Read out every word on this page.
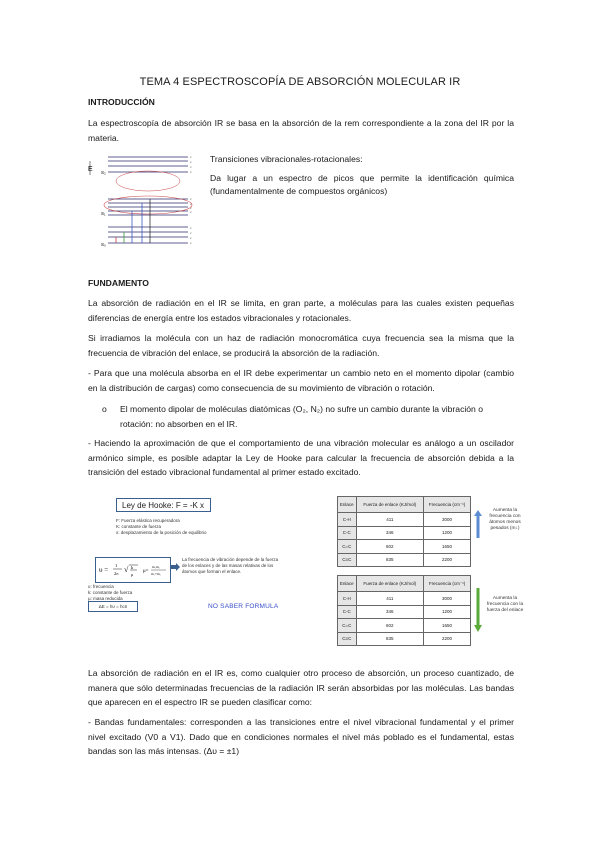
TEMA 4 ESPECTROSCOPÍA DE ABSORCIÓN MOLECULAR IR
INTRODUCCIÓN
La espectroscopía de absorción IR se basa en la absorción de la rem correspondiente a la zona del IR por la materia.
E S₂
S₁
S₀
v
v
v
v
v
v
v
v
v
v
v
v
Transiciones vibracionales-rotacionales:
Da lugar a un espectro de picos que permite la identificación química (fundamentalmente de compuestos orgánicos)
FUNDAMENTO
La absorción de radiación en el IR se limita, en gran parte, a moléculas para las cuales existen pequeñas diferencias de energía entre los estados vibracionales y rotacionales.
Si irradiamos la molécula con un haz de radiación monocromática cuya frecuencia sea la misma que la frecuencia de vibración del enlace, se producirá la absorción de la radiación.
- Para que una molécula absorba en el IR debe experimentar un cambio neto en el momento dipolar (cambio en la distribución de cargas) como consecuencia de su movimiento de vibración o rotación.
o El momento dipolar de moléculas diatómicas (O₂, N₂) no sufre un cambio durante la vibración o rotación: no absorben en el IR.
- Haciendo la aproximación de que el comportamiento de una vibración molecular es análogo a un oscilador armónico simple, es posible adaptar la Ley de Hooke para calcular la frecuencia de absorción debida a la transición del estado vibracional fundamental al primer estado excitado.
Ley de Hooke: F = -K x
F: Fuerza elástica recuperadora
K: constante de fuerza
x: desplazamiento de la posición de equilibrio
υ =
1
2π √ k
μ
μ=
m₁m₂
m₁+m₂
La frecuencia de vibración depende de la fuerza de los enlaces y de las masas relativas de los átomos que forman el enlace.
υ: frecuencia
k: constante de fuerza
μ: masa reducida
ΔE = hυ = hcῡ	NO SABER FORMULA
Enlace	Fuerza de enlace (KJ/mol)	Frecuencia (cm⁻¹)
C-H	411	3000
C-C	346	1200
C=C	602	1650
C≡C	835	2200
Aumenta la frecuencia con átomos menos pesados (m↓)
Enlace	Fuerza de enlace (KJ/mol)	Frecuencia (cm⁻¹)
C-H	411	3000
C-C	346	1200
C=C	602	1650
C≡C	835	2200
Aumenta la frecuencia con la fuerza del enlace
La absorción de radiación en el IR es, como cualquier otro proceso de absorción, un proceso cuantizado, de manera que sólo determinadas frecuencias de la radiación IR serán absorbidas por las moléculas. Las bandas que aparecen en el espectro IR se pueden clasificar como:
- Bandas fundamentales: corresponden a las transiciones entre el nivel vibracional fundamental y el primer nivel excitado (V0 a V1). Dado que en condiciones normales el nivel más poblado es el fundamental, estas bandas son las más intensas. (Δυ = ±1)
